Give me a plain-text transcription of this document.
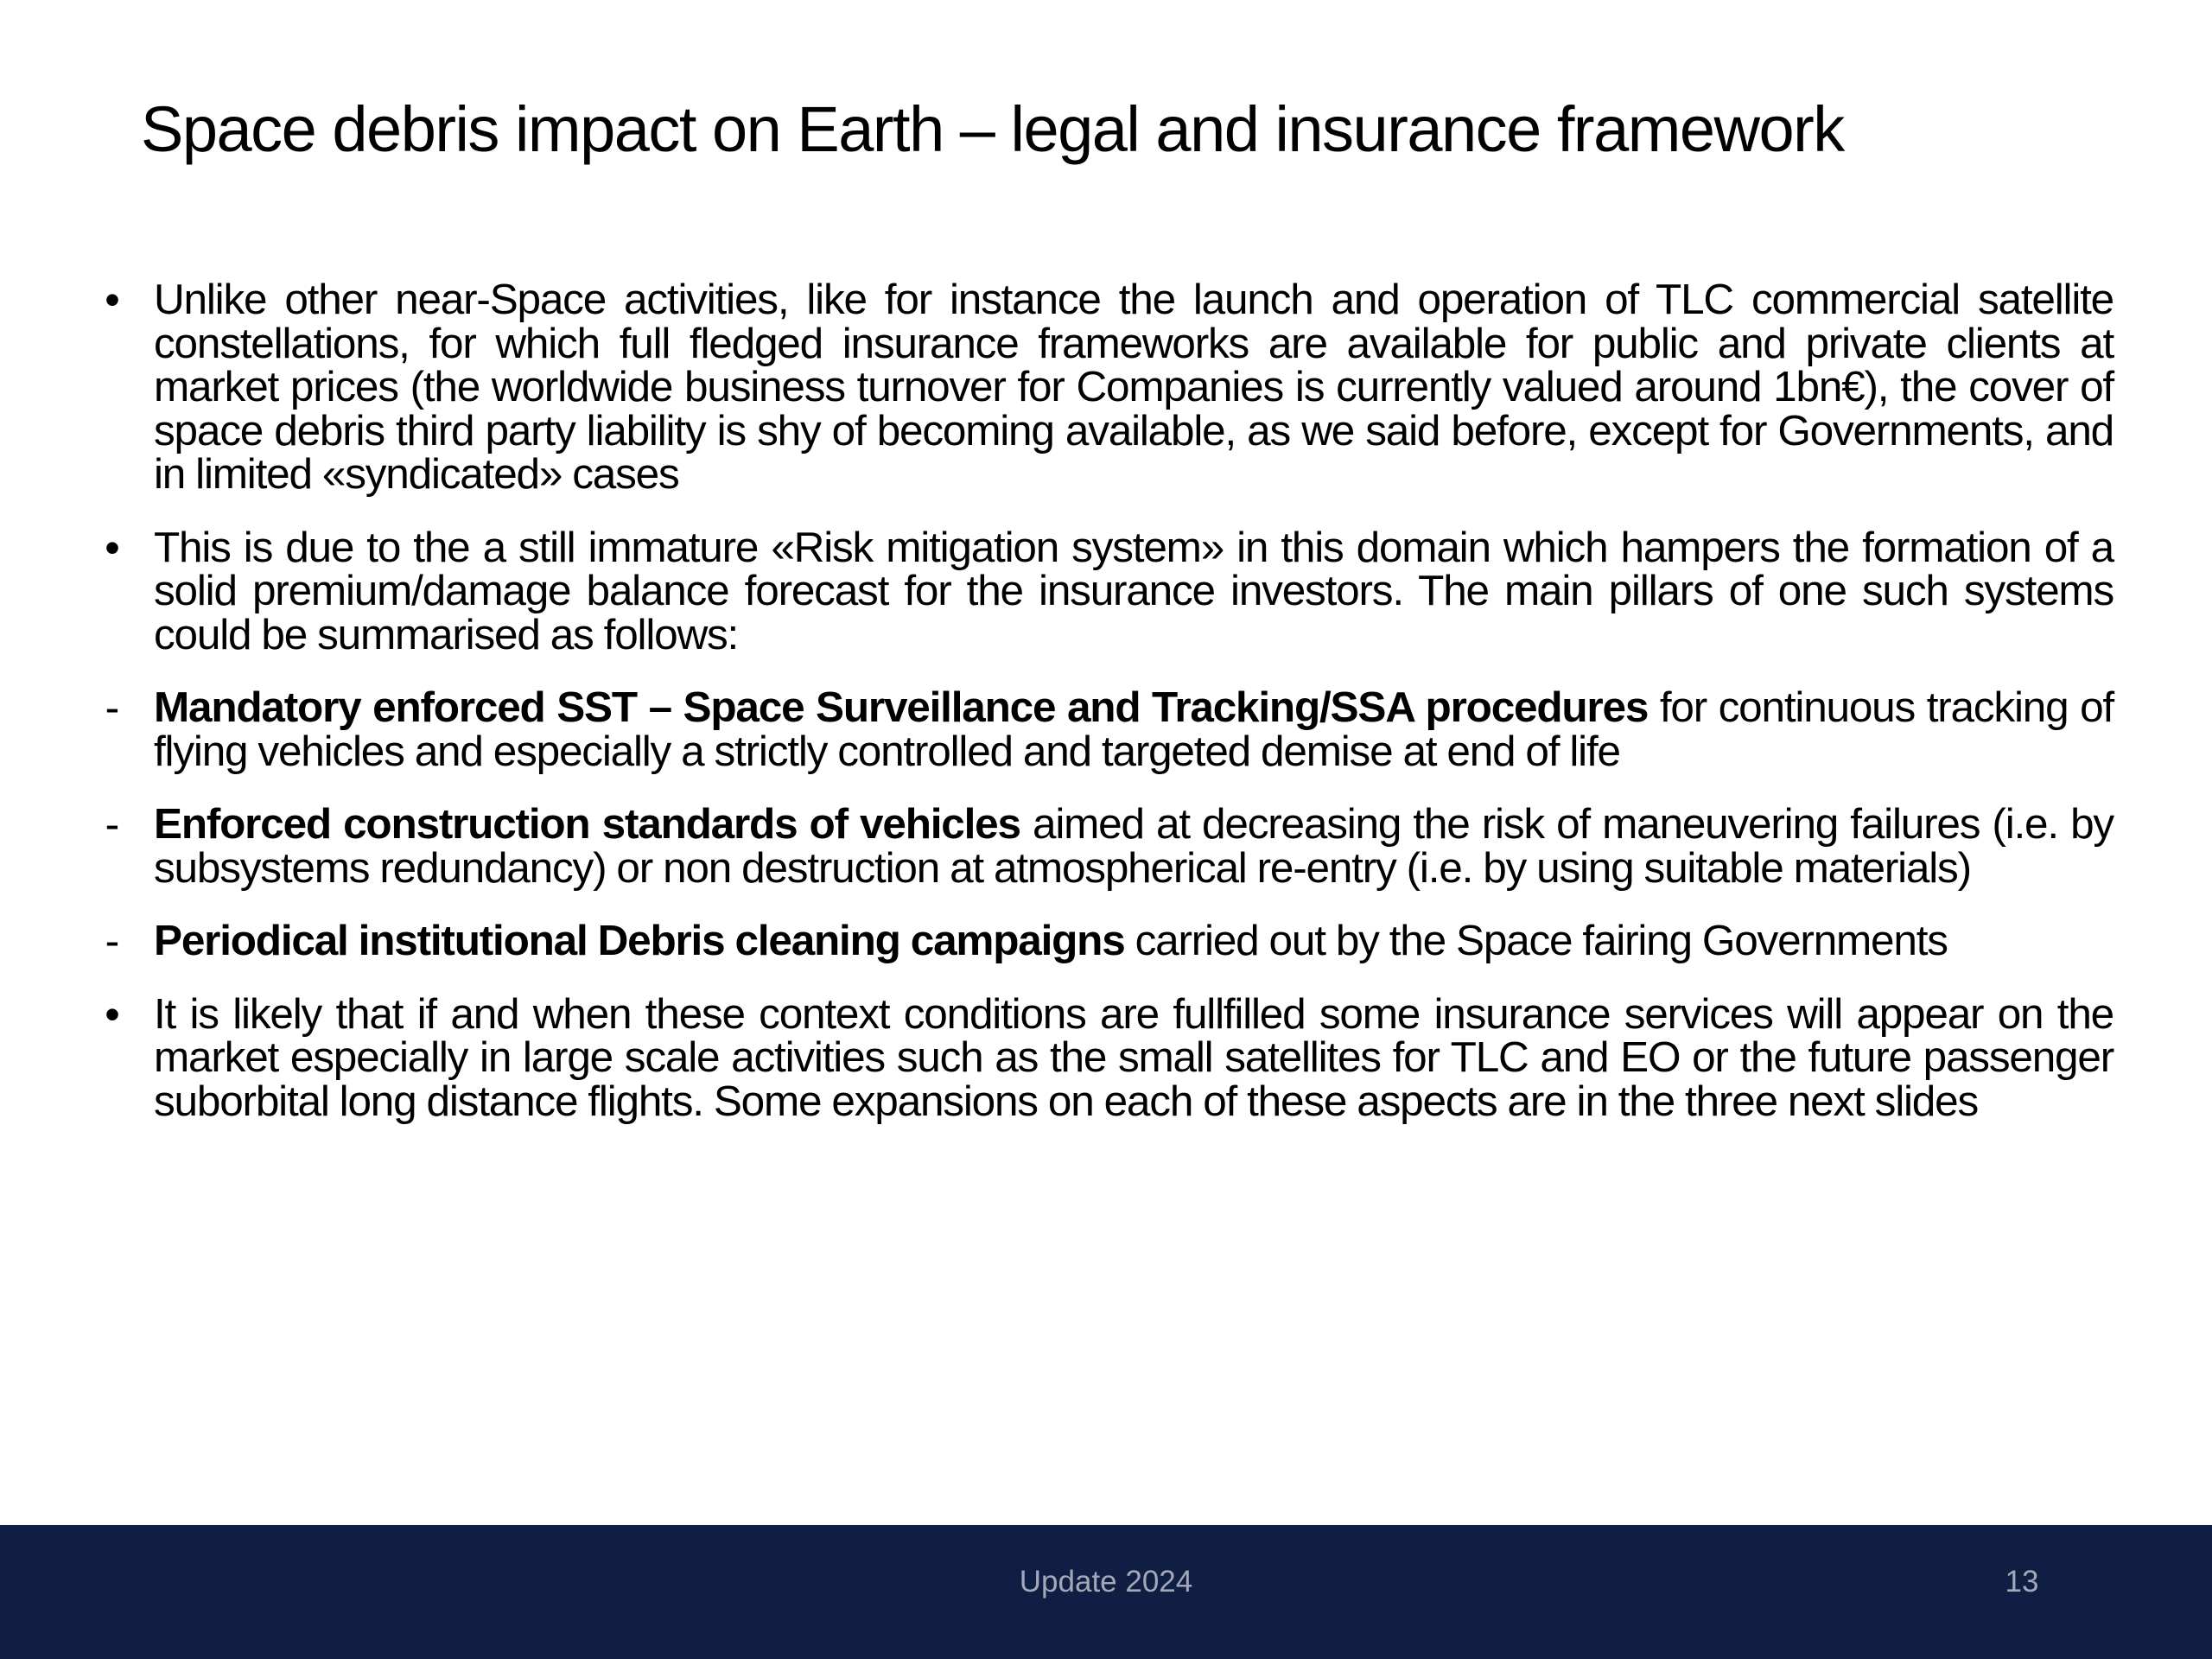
Space debris impact on Earth – legal and insurance framework
• Unlike other near-Space activities, like for instance the launch and operation of TLC commercial satellite constellations, for which full fledged insurance frameworks are available for public and private clients at market prices (the worldwide business turnover for Companies is currently valued around 1bn€), the cover of space debris third party liability is shy of becoming available, as we said before, except for Governments, and in limited «syndicated» cases
• This is due to the a still immature «Risk mitigation system» in this domain which hampers the formation of a solid premium/damage balance forecast for the insurance investors. The main pillars of one such systems could be summarised as follows:
- Mandatory enforced SST – Space Surveillance and Tracking/SSA procedures for continuous tracking of flying vehicles and especially a strictly controlled and targeted demise at end of life
- Enforced construction standards of vehicles aimed at decreasing the risk of maneuvering failures (i.e. by subsystems redundancy) or non destruction at atmospherical re-entry (i.e. by using suitable materials)
- Periodical institutional Debris cleaning campaigns carried out by the Space fairing Governments
• It is likely that if and when these context conditions are fullfilled some insurance services will appear on the market especially in large scale activities such as the small satellites for TLC and EO or the future passenger suborbital long distance flights. Some expansions on each of these aspects are in the three next slides
Update 2024	13
